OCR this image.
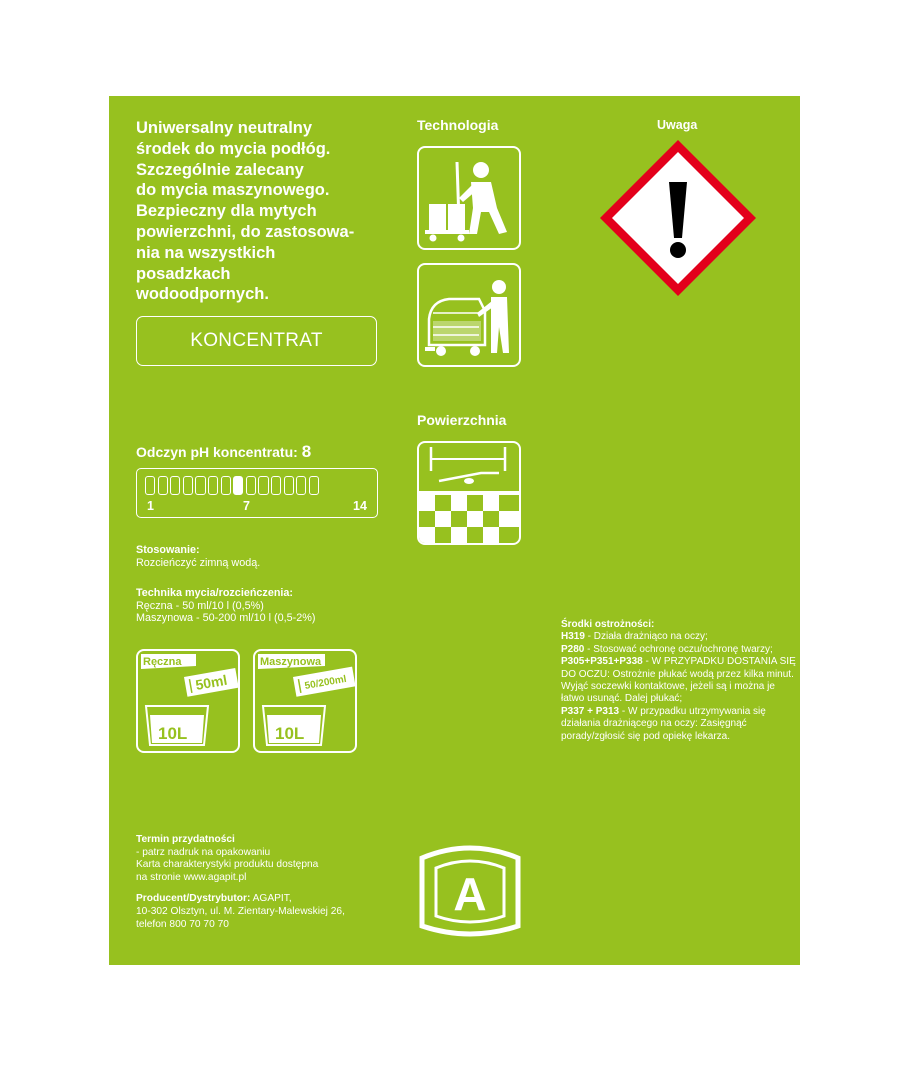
Uniwersalny neutralny
środek do mycia podłóg.
Szczególnie zalecany
do mycia maszynowego.
Bezpieczny dla mytych
powierzchni, do zastosowa-
nia na wszystkich
posadzkach
wodoodpornych.
KONCENTRAT
Odczyn pH koncentratu: 8
1	7	14
Stosowanie:
Rozcieńczyć zimną wodą.
Technika mycia/rozcieńczenia:
Ręczna - 50 ml/10 l (0,5%)
Maszynowa - 50-200 ml/10 l (0,5-2%)
Ręczna
50ml
10L
Maszynowa
50/200ml
10L
Technologia
Powierzchnia
Uwaga
Środki ostrożności:
H319 - Działa drażniąco na oczy;
P280 - Stosować ochronę oczu/ochronę twarzy;
P305+P351+P338 - W PRZYPADKU DOSTANIA SIĘ DO OCZU: Ostrożnie płukać wodą przez kilka minut. Wyjąć soczewki kontaktowe, jeżeli są i można je łatwo usunąć. Dalej płukać;
P337 + P313 - W przypadku utrzymywania się działania drażniącego na oczy: Zasięgnąć porady/zgłosić się pod opiekę lekarza.
Termin przydatności
- patrz nadruk na opakowaniu
Karta charakterystyki produktu dostępna
na stronie www.agapit.pl
Producent/Dystrybutor: AGAPIT,
10-302 Olsztyn, ul. M. Zientary-Malewskiej 26,
telefon 800 70 70 70
A
